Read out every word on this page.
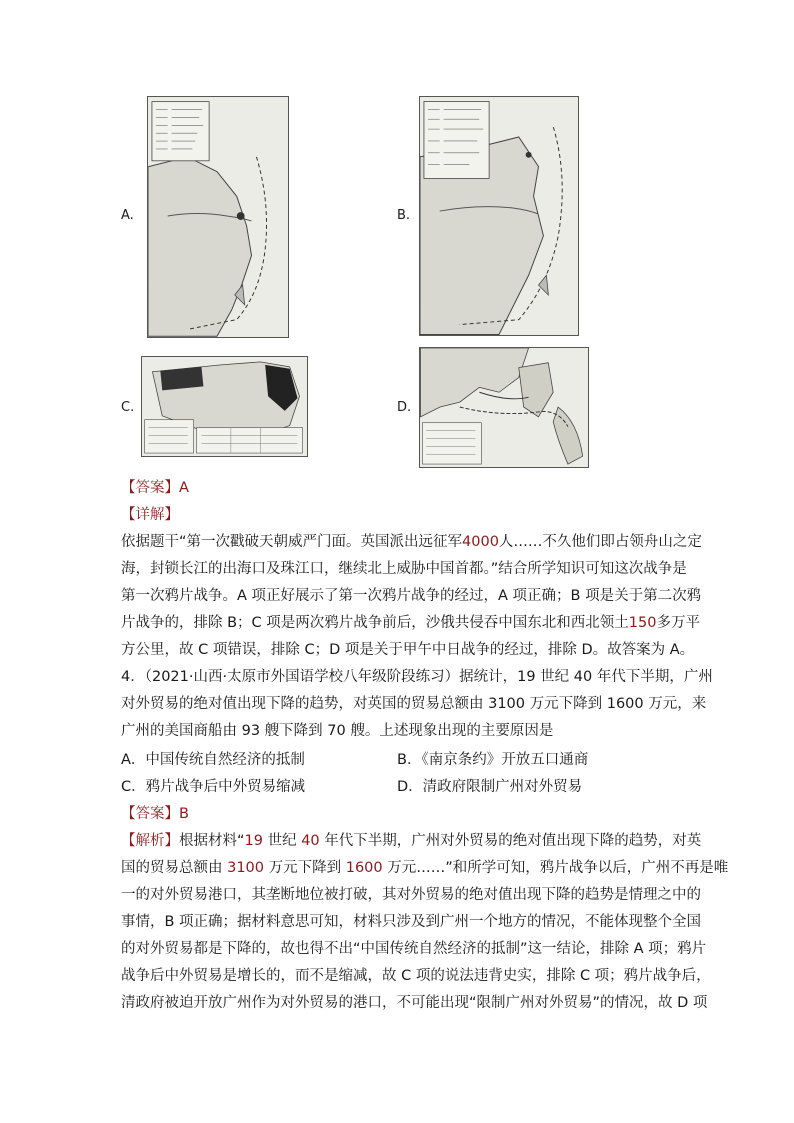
A.	B.
C.	D.
【答案】A
【详解】
依据题干“第一次戳破天朝威严门面。英国派出远征军4000人……不久他们即占领舟山之定
海，封锁长江的出海口及珠江口，继续北上威胁中国首都。”结合所学知识可知这次战争是
第一次鸦片战争。A 项正好展示了第一次鸦片战争的经过，A 项正确；B 项是关于第二次鸦
片战争的，排除 B；C 项是两次鸦片战争前后，沙俄共侵吞中国东北和西北领土150多万平
方公里，故 C 项错误，排除 C；D 项是关于甲午中日战争的经过，排除 D。故答案为 A。
4．（2021·山西·太原市外国语学校八年级阶段练习）据统计，19 世纪 40 年代下半期，广州
对外贸易的绝对值出现下降的趋势，对英国的贸易总额由 3100 万元下降到 1600 万元，来
广州的美国商船由 93 艘下降到 70 艘。上述现象出现的主要原因是
A．中国传统自然经济的抵制	B．《南京条约》开放五口通商
C．鸦片战争后中外贸易缩减	D．清政府限制广州对外贸易
【答案】B
【解析】根据材料“19 世纪 40 年代下半期，广州对外贸易的绝对值出现下降的趋势，对英
国的贸易总额由 3100 万元下降到 1600 万元……”和所学可知，鸦片战争以后，广州不再是唯
一的对外贸易港口，其垄断地位被打破，其对外贸易的绝对值出现下降的趋势是情理之中的
事情，B 项正确；据材料意思可知，材料只涉及到广州一个地方的情况，不能体现整个全国
的对外贸易都是下降的，故也得不出“中国传统自然经济的抵制”这一结论，排除 A 项；鸦片
战争后中外贸易是增长的，而不是缩减，故 C 项的说法违背史实，排除 C 项；鸦片战争后，
清政府被迫开放广州作为对外贸易的港口，不可能出现“限制广州对外贸易”的情况，故 D 项
